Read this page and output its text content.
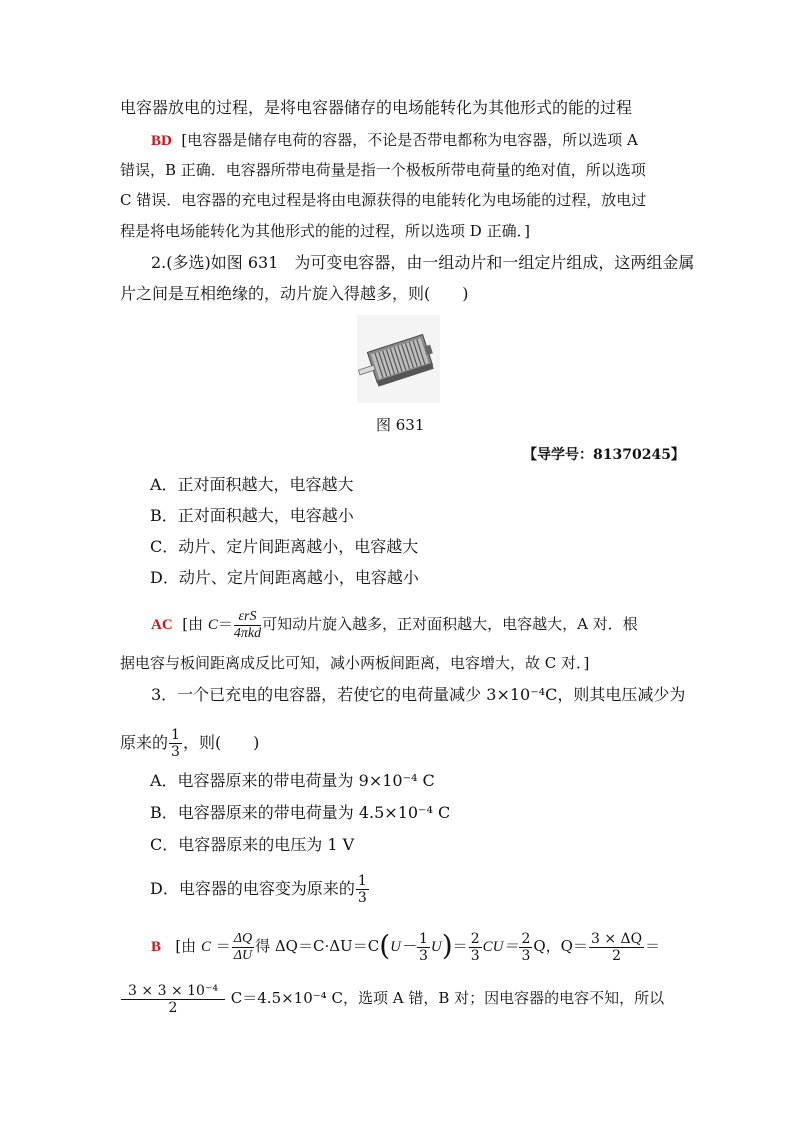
电容器放电的过程，是将电容器储存的电场能转化为其他形式的能的过程
BD [电容器是储存电荷的容器，不论是否带电都称为电容器，所以选项 A
错误，B 正确．电容器所带电荷量是指一个极板所带电荷量的绝对值，所以选项
C 错误．电容器的充电过程是将由电源获得的电能转化为电场能的过程，放电过
程是将电场能转化为其他形式的能的过程，所以选项 D 正确．]
2.(多选)如图 631　为可变电容器，由一组动片和一组定片组成，这两组金属
片之间是互相绝缘的，动片旋入得越多，则(　　)
图 631
【导学号：81370245】
A．正对面积越大，电容越大
B．正对面积越大，电容越小
C．动片、定片间距离越小，电容越大
D．动片、定片间距离越小，电容越小
AC [由 $C= \frac{\text{εrS}}{\text{4πkd}}$ 可知动片旋入越多，正对面积越大，电容越大，A 对．根
据电容与板间距离成反比可知，减小两板间距离，电容增大，故 C 对．]
3．一个已充电的电容器，若使它的电荷量减少 3×10⁻⁴C，则其电压减少为
原来的 $\frac{1}{3}$ ，则(　　)
A．电容器原来的带电荷量为 9×10⁻⁴ C
B．电容器原来的带电荷量为 4.5×10⁻⁴ C
C．电容器原来的电压为 1 V
D．电容器的电容变为原来的 $\frac{1}{3}$
B [由 $C = \frac{\Delta Q}{\Delta U}$ 得 $\Delta Q=C\cdot\Delta U=C(U- \frac{1}{3} U)= \frac{2}{3} CU= \frac{2}{3}$ Q，$Q= \frac{3 \times \Delta Q}{2}$ ＝
$\frac{\text{3 × 3 × 10⁻⁴}}{2} C=4.5\times 10^{-4}$ C，选项 A 错，B 对；因电容器的电容不知，所以
